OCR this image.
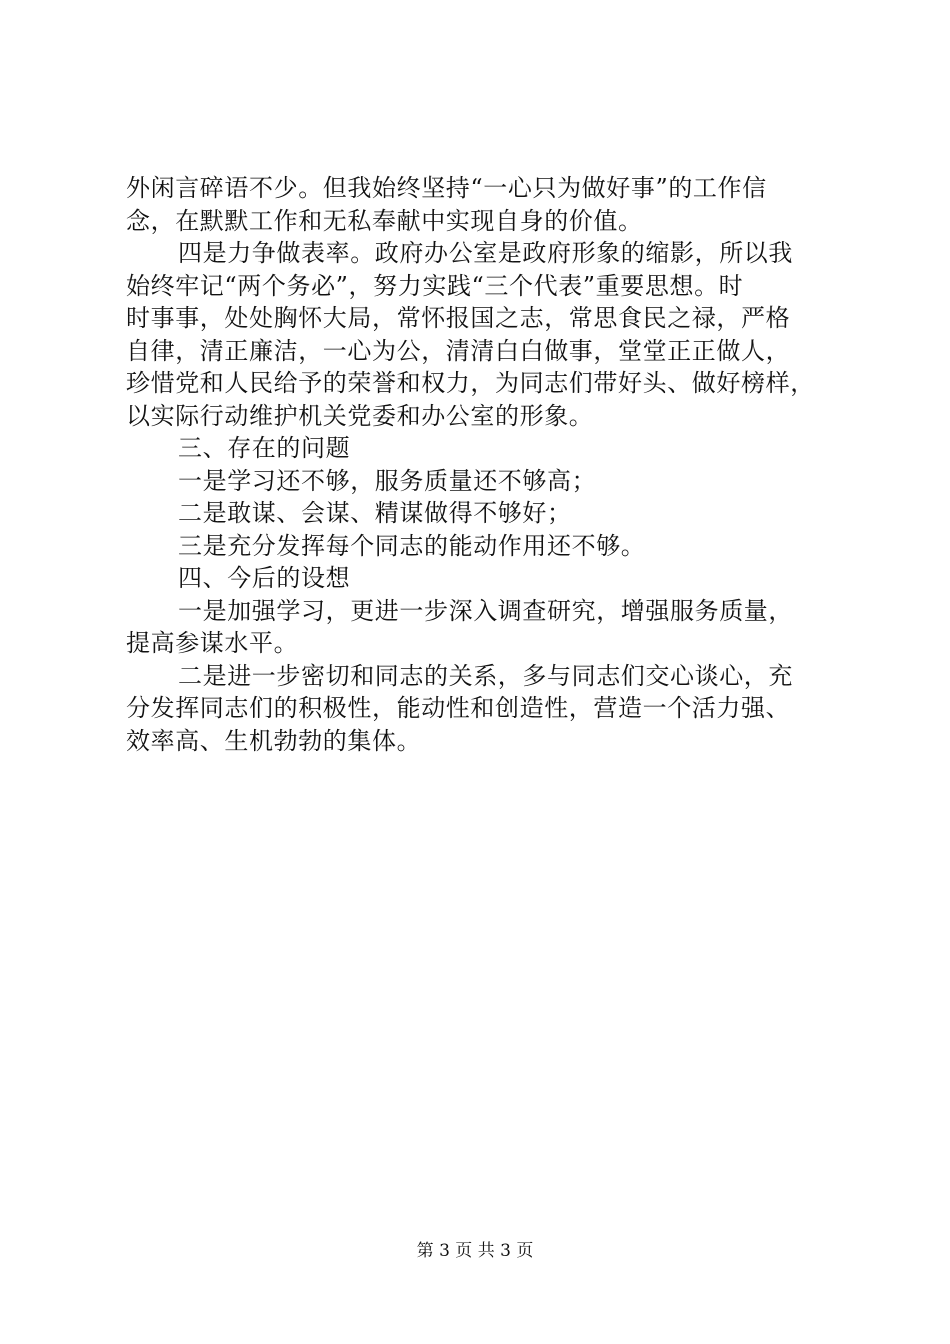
外闲言碎语不少。但我始终坚持“一心只为做好事”的工作信
念，在默默工作和无私奉献中实现自身的价值。
四是力争做表率。政府办公室是政府形象的缩影，所以我
始终牢记“两个务必”，努力实践“三个代表”重要思想。时
时事事，处处胸怀大局，常怀报国之志，常思食民之禄，严格
自律，清正廉洁，一心为公，清清白白做事，堂堂正正做人，
珍惜党和人民给予的荣誉和权力，为同志们带好头、做好榜样，
以实际行动维护机关党委和办公室的形象。
三、存在的问题
一是学习还不够，服务质量还不够高；
二是敢谋、会谋、精谋做得不够好；
三是充分发挥每个同志的能动作用还不够。
四、今后的设想
一是加强学习，更进一步深入调查研究，增强服务质量，
提高参谋水平。
二是进一步密切和同志的关系，多与同志们交心谈心，充
分发挥同志们的积极性，能动性和创造性，营造一个活力强、
效率高、生机勃勃的集体。
第 3 页 共 3 页
